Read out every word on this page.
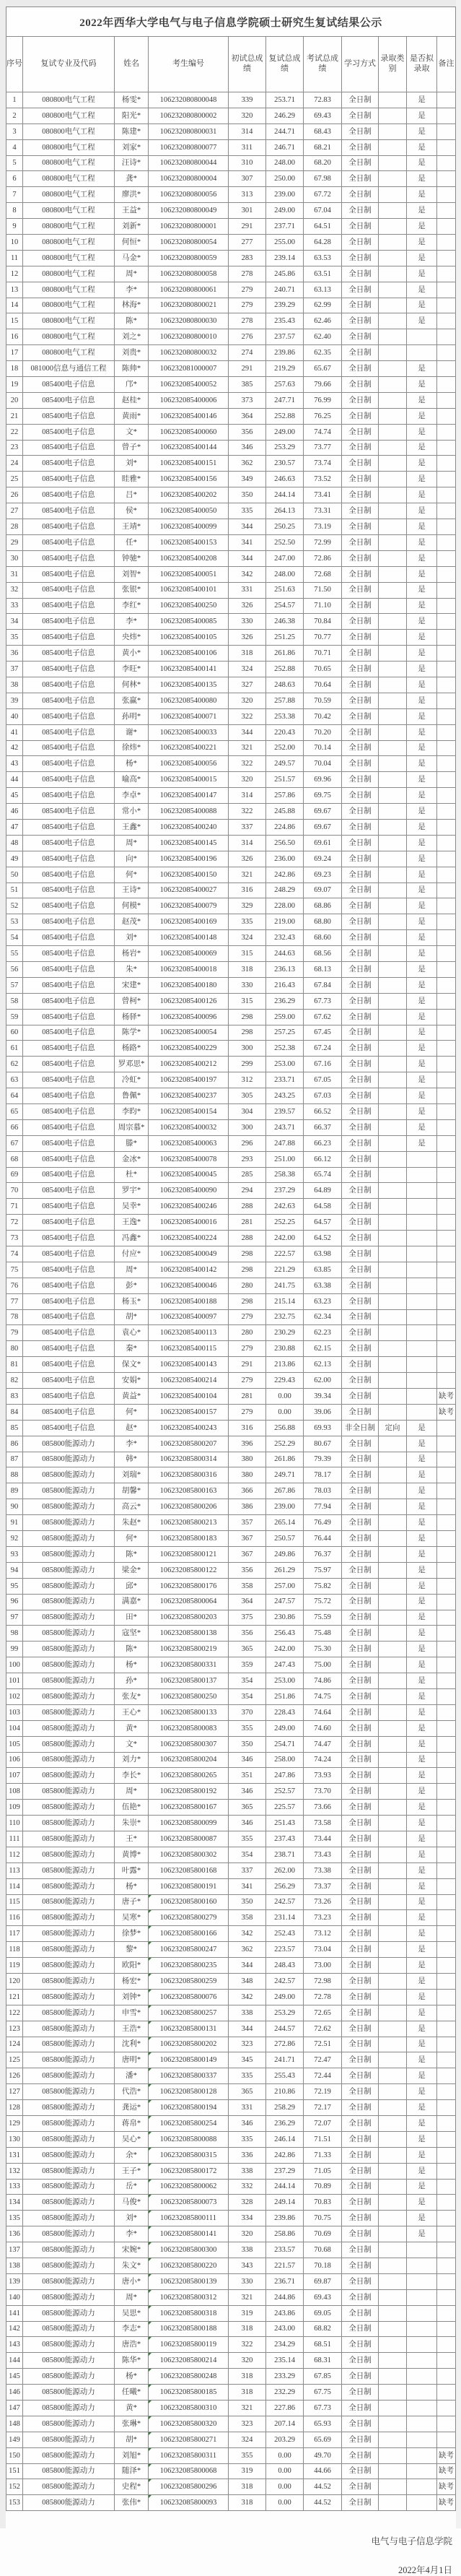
2022年西华大学电气与电子信息学院硕士研究生复试结果公示
序号	复试专业及代码	姓名	考生编号	初试总成绩	复试总成绩	考试总成绩	学习方式	录取类别	是否拟录取	备注
1	080800电气工程	杨雯*	106232080800048	339	253.71	72.83	全日制		是	
2	080800电气工程	阳光*	106232080800002	320	246.29	69.43	全日制		是	
3	080800电气工程	陈建*	106232080800031	314	244.71	68.43	全日制		是	
4	080800电气工程	刘家*	106232080800077	311	246.71	68.21	全日制		是	
5	080800电气工程	汪诗*	106232080800044	310	248.00	68.20	全日制		是	
6	080800电气工程	龚*	106232080800004	307	250.00	67.98	全日制		是	
7	080800电气工程	廖洪*	106232080800056	313	239.00	67.72	全日制		是	
8	080800电气工程	王益*	106232080800049	301	249.00	67.04	全日制		是	
9	080800电气工程	刘新*	106232080800001	291	237.71	64.51	全日制		是	
10	080800电气工程	何恒*	106232080800054	277	255.00	64.28	全日制		是	
11	080800电气工程	马金*	106232080800059	283	239.14	63.53	全日制		是	
12	080800电气工程	周*	106232080800058	278	245.86	63.51	全日制		是	
13	080800电气工程	李*	106232080800061	279	240.71	63.13	全日制		是	
14	080800电气工程	林海*	106232080800021	279	239.29	62.99	全日制		是	
15	080800电气工程	陈*	106232080800030	278	235.43	62.46	全日制		是	
16	080800电气工程	刘之*	106232080800010	276	237.57	62.40	全日制			
17	080800电气工程	刘贵*	106232080800032	274	239.86	62.35	全日制			
18	081000信息与通信工程	陈帅*	106232081000007	291	219.29	65.67	全日制		是	
19	085400电子信息	邝*	106232085400052	385	257.63	79.66	全日制		是	
20	085400电子信息	赵桂*	106232085400006	373	247.71	76.99	全日制		是	
21	085400电子信息	黄雨*	106232085400146	364	252.88	76.25	全日制		是	
22	085400电子信息	文*	106232085400060	356	249.00	74.74	全日制		是	
23	085400电子信息	曾子*	106232085400144	346	253.29	73.77	全日制		是	
24	085400电子信息	刘*	106232085400151	362	230.57	73.74	全日制		是	
25	085400电子信息	眭雅*	106232085400156	349	246.63	73.52	全日制		是	
26	085400电子信息	吕*	106232085400202	350	244.14	73.41	全日制		是	
27	085400电子信息	侯*	106232085400050	335	264.13	73.31	全日制		是	
28	085400电子信息	王靖*	106232085400099	344	250.25	73.19	全日制		是	
29	085400电子信息	任*	106232085400153	341	252.50	72.99	全日制		是	
30	085400电子信息	钟驰*	106232085400208	344	247.00	72.86	全日制		是	
31	085400电子信息	刘智*	106232085400051	342	248.00	72.68	全日制		是	
32	085400电子信息	张银*	106232085400101	331	251.63	71.50	全日制		是	
33	085400电子信息	李红*	106232085400250	326	254.57	71.10	全日制		是	
34	085400电子信息	李*	106232085400085	330	246.38	70.84	全日制		是	
35	085400电子信息	央炜*	106232085400105	326	251.25	70.77	全日制		是	
36	085400电子信息	黄小*	106232085400106	318	261.86	70.71	全日制		是	
37	085400电子信息	李旺*	106232085400141	324	252.88	70.65	全日制		是	
38	085400电子信息	何林*	106232085400135	327	248.63	70.64	全日制		是	
39	085400电子信息	张赢*	106232085400080	320	257.88	70.59	全日制		是	
40	085400电子信息	孙明*	106232085400071	322	253.38	70.42	全日制		是	
41	085400电子信息	谢*	106232085400033	344	220.43	70.20	全日制		是	
42	085400电子信息	徐炜*	106232085400221	321	252.00	70.14	全日制		是	
43	085400电子信息	杨*	106232085400056	322	249.57	70.04	全日制		是	
44	085400电子信息	喻高*	106232085400015	320	251.57	69.96	全日制		是	
45	085400电子信息	李卓*	106232085400147	314	257.86	69.75	全日制		是	
46	085400电子信息	常小*	106232085400088	322	245.88	69.67	全日制		是	
47	085400电子信息	王鑫*	106232085400240	337	224.86	69.67	全日制		是	
48	085400电子信息	周*	106232085400145	314	256.50	69.61	全日制		是	
49	085400电子信息	向*	106232085400196	326	236.00	69.24	全日制		是	
50	085400电子信息	何*	106232085400150	321	242.86	69.23	全日制		是	
51	085400电子信息	王诗*	106232085400027	316	248.29	69.07	全日制		是	
52	085400电子信息	何模*	106232085400079	329	228.00	68.86	全日制		是	
53	085400电子信息	赵茂*	106232085400169	335	219.00	68.80	全日制		是	
54	085400电子信息	刘*	106232085400148	324	232.43	68.60	全日制		是	
55	085400电子信息	杨岩*	106232085400069	315	244.63	68.56	全日制		是	
56	085400电子信息	朱*	106232085400018	318	236.13	68.13	全日制		是	
57	085400电子信息	宋建*	106232085400180	330	216.43	67.84	全日制		是	
58	085400电子信息	曾柯*	106232085400126	315	236.29	67.73	全日制		是	
59	085400电子信息	杨驿*	106232085400096	298	259.00	67.62	全日制		是	
60	085400电子信息	陈学*	106232085400054	298	257.25	67.45	全日制		是	
61	085400电子信息	杨路*	106232085400229	300	252.38	67.24	全日制		是	
62	085400电子信息	罗邓思*	106232085400212	299	253.00	67.16	全日制		是	
63	085400电子信息	冷虹*	106232085400197	312	233.71	67.05	全日制		是	
64	085400电子信息	鲁佩*	106232085400237	305	243.25	67.03	全日制		是	
65	085400电子信息	李昀*	106232085400154	304	239.57	66.52	全日制		是	
66	085400电子信息	周宗慕*	106232085400032	300	243.71	66.37	全日制		是	
67	085400电子信息	滕*	106232085400063	296	247.88	66.23	全日制		是	
68	085400电子信息	金冰*	106232085400078	293	251.00	66.12	全日制			
69	085400电子信息	杜*	106232085400045	285	258.38	65.74	全日制			
70	085400电子信息	罗宇*	106232085400090	294	237.29	64.89	全日制			
71	085400电子信息	吴幸*	106232085400246	288	242.63	64.58	全日制			
72	085400电子信息	王逸*	106232085400016	281	252.25	64.57	全日制			
73	085400电子信息	冯鑫*	106232085400224	288	242.00	64.52	全日制			
74	085400电子信息	付应*	106232085400049	298	222.57	63.98	全日制			
75	085400电子信息	周*	106232085400142	298	221.29	63.85	全日制			
76	085400电子信息	彭*	106232085400046	280	241.75	63.38	全日制			
77	085400电子信息	杨玉*	106232085400188	298	215.14	63.23	全日制			
78	085400电子信息	胡*	106232085400097	279	232.75	62.34	全日制			
79	085400电子信息	袁心*	106232085400113	280	230.29	62.23	全日制			
80	085400电子信息	秦*	106232085400115	279	230.88	62.15	全日制			
81	085400电子信息	保文*	106232085400143	291	213.86	62.13	全日制			
82	085400电子信息	安娟*	106232085400214	279	229.43	62.00	全日制			
83	085400电子信息	黄益*	106232085400104	281	0.00	39.34	全日制			缺考
84	085400电子信息	何*	106232085400157	279	0.00	39.06	全日制			缺考
85	085400电子信息	赵*	106232085400243	316	256.88	69.93	非全日制	定向	是	
86	085800能源动力	李*	106232085800207	396	252.29	80.67	全日制		是	
87	085800能源动力	韩*	106232085800314	380	261.86	79.39	全日制		是	
88	085800能源动力	刘瑞*	106232085800316	380	249.71	78.17	全日制		是	
89	085800能源动力	胡馨*	106232085800163	366	267.86	78.03	全日制		是	
90	085800能源动力	高云*	106232085800206	386	239.00	77.94	全日制		是	
91	085800能源动力	朱赵*	106232085800213	357	265.14	76.49	全日制		是	
92	085800能源动力	何*	106232085800183	367	250.57	76.44	全日制		是	
93	085800能源动力	陈*	106232085800121	367	249.86	76.37	全日制		是	
94	085800能源动力	梁金*	106232085800122	356	261.29	75.97	全日制		是	
95	085800能源动力	邱*	106232085800176	358	257.00	75.82	全日制		是	
96	085800能源动力	满嘉*	106232085800064	364	247.57	75.72	全日制		是	
97	085800能源动力	田*	106232085800203	375	230.86	75.59	全日制		是	
98	085800能源动力	寇坚*	106232085800138	356	256.43	75.48	全日制		是	
99	085800能源动力	陈*	106232085800219	365	242.00	75.30	全日制		是	
100	085800能源动力	杨*	106232085800331	359	247.43	75.00	全日制		是	
101	085800能源动力	孙*	106232085800137	354	253.00	74.86	全日制		是	
102	085800能源动力	张友*	106232085800250	354	251.86	74.75	全日制		是	
103	085800能源动力	王心*	106232085800133	370	228.43	74.64	全日制		是	
104	085800能源动力	黄*	106232085800083	355	249.00	74.60	全日制		是	
105	085800能源动力	文*	106232085800307	350	254.71	74.47	全日制		是	
106	085800能源动力	刘力*	106232085800204	346	258.00	74.24	全日制		是	
107	085800能源动力	李长*	106232085800265	351	247.86	73.93	全日制		是	
108	085800能源动力	周*	106232085800192	346	252.57	73.70	全日制		是	
109	085800能源动力	伍艳*	106232085800167	365	225.57	73.66	全日制		是	
110	085800能源动力	朱崇*	106232085800099	346	251.43	73.58	全日制		是	
111	085800能源动力	王*	106232085800087	355	237.43	73.44	全日制		是	
112	085800能源动力	黄博*	106232085800302	354	238.71	73.43	全日制		是	
113	085800能源动力	叶露*	106232085800168	337	262.00	73.38	全日制		是	
114	085800能源动力	杨*	106232085800191	341	256.29	73.37	全日制		是	
115	085800能源动力	唐子*	106232085800160	350	242.57	73.26	全日制		是	
116	085800能源动力	吴寒*	106232085800279	358	231.14	73.23	全日制		是	
117	085800能源动力	徐梦*	106232085800166	342	252.43	73.12	全日制		是	
118	085800能源动力	黎*	106232085800247	362	223.57	73.04	全日制		是	
119	085800能源动力	欧阳*	106232085800235	344	248.43	73.00	全日制		是	
120	085800能源动力	杨宏*	106232085800259	348	242.57	72.98	全日制		是	
121	085800能源动力	刘钟*	106232085800076	342	249.00	72.78	全日制		是	
122	085800能源动力	申雪*	106232085800257	338	253.29	72.65	全日制		是	
123	085800能源动力	王浩*	106232085800131	344	244.57	72.62	全日制		是	
124	085800能源动力	沈利*	106232085800202	323	272.86	72.51	全日制		是	
125	085800能源动力	唐明*	106232085800149	345	241.71	72.47	全日制		是	
126	085800能源动力	潘*	106232085800337	335	255.43	72.44	全日制		是	
127	085800能源动力	代浩*	106232085800128	365	210.86	72.19	全日制		是	
128	085800能源动力	龚运*	106232085800194	331	258.29	72.17	全日制		是	
129	085800能源动力	蒋帛*	106232085800254	346	236.29	72.07	全日制		是	
130	085800能源动力	吴心*	106232085800088	335	246.14	71.51	全日制		是	
131	085800能源动力	余*	106232085800315	336	242.86	71.33	全日制		是	
132	085800能源动力	王子*	106232085800172	338	237.29	71.05	全日制		是	
133	085800能源动力	岳*	106232085800062	332	244.14	70.89	全日制		是	
134	085800能源动力	马俊*	106232085800073	328	249.14	70.83	全日制		是	
135	085800能源动力	刘*	106232085800111	334	239.86	70.75	全日制		是	
136	085800能源动力	李*	106232085800141	320	258.86	70.69	全日制		是	
137	085800能源动力	宋婉*	106232085800300	338	233.57	70.68	全日制			
138	085800能源动力	朱文*	106232085800220	343	221.57	70.18	全日制			
139	085800能源动力	唐小*	106232085800139	330	236.71	69.87	全日制			
140	085800能源动力	周*	106232085800312	321	244.86	69.43	全日制			
141	085800能源动力	吴思*	106232085800318	319	243.86	69.05	全日制			
142	085800能源动力	李志*	106232085800188	318	243.00	68.82	全日制			
143	085800能源动力	唐浩*	106232085800119	322	234.29	68.51	全日制			
144	085800能源动力	陈华*	106232085800214	320	235.14	68.31	全日制			
145	085800能源动力	杨*	106232085800248	318	233.29	67.85	全日制			
146	085800能源动力	任曦*	106232085800185	318	232.29	67.75	全日制			
147	085800能源动力	黄*	106232085800310	321	227.86	67.73	全日制			
148	085800能源动力	张琳*	106232085800320	323	207.14	65.93	全日制			
149	085800能源动力	胡*	106232085800271	324	203.29	65.69	全日制			
150	085800能源动力	刘旭*	106232085800311	355	0.00	49.70	全日制			缺考
151	085800能源动力	随泽*	106232085800068	319	0.00	44.66	全日制			缺考
152	085800能源动力	史程*	106232085800296	318	0.00	44.52	全日制			缺考
153	085800能源动力	张伟*	106232085800093	318	0.00	44.52	全日制			缺考
电气与电子信息学院
2022年4月1日
